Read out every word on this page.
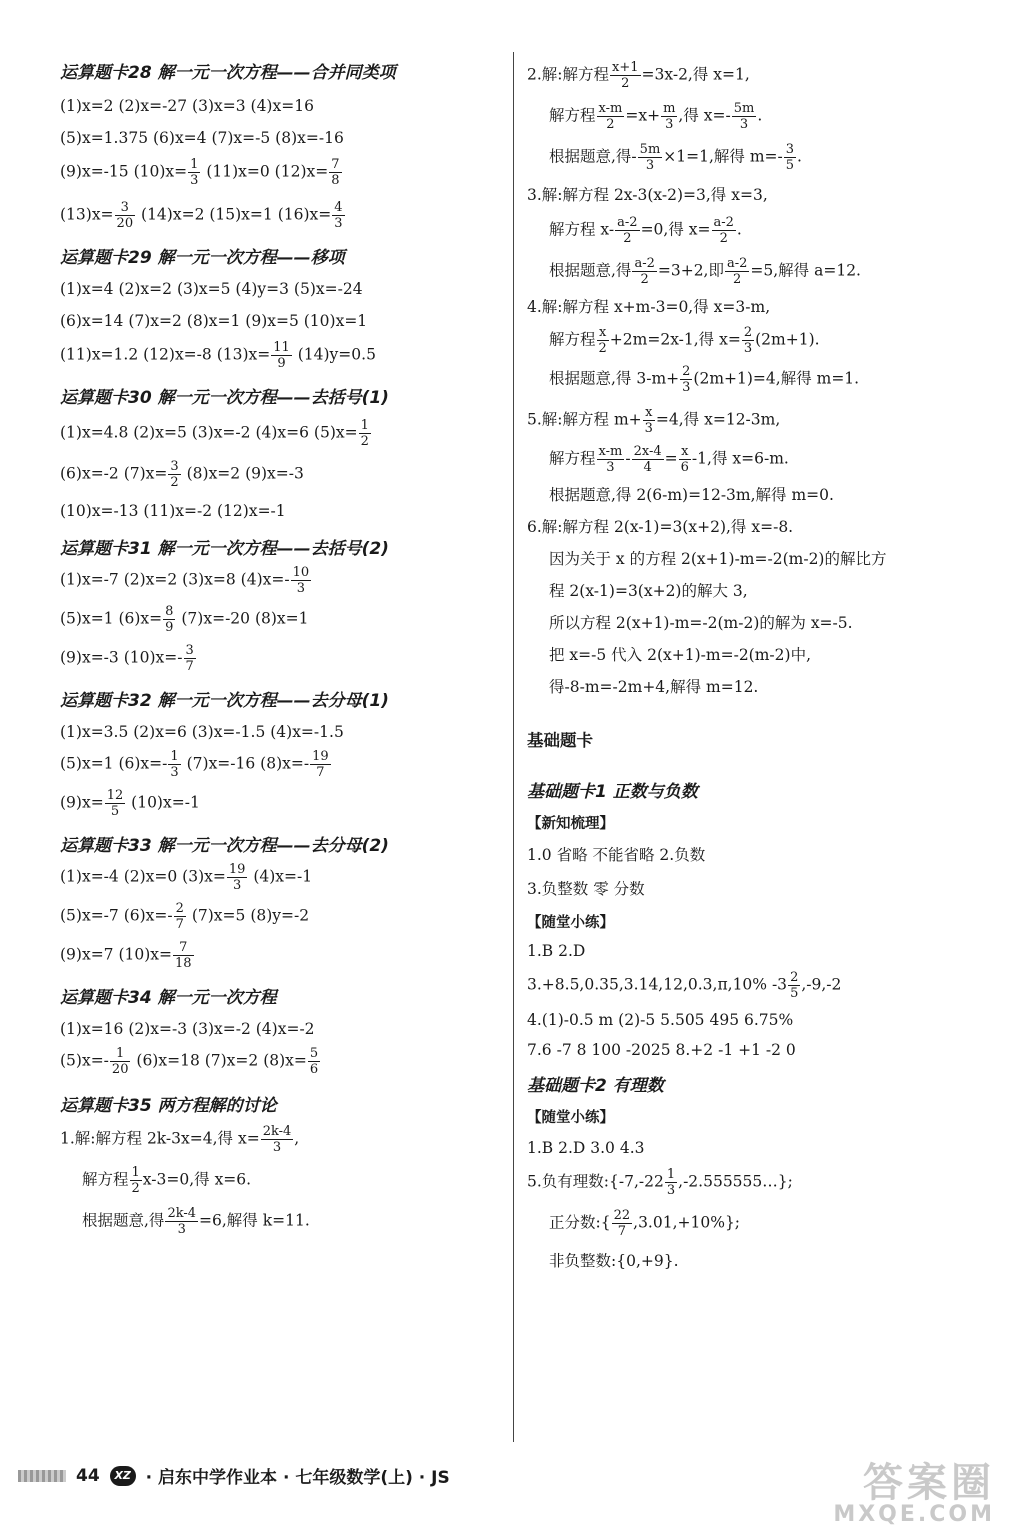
运算题卡28 解一元一次方程——合并同类项

(1)x=2 (2)x=-27 (3)x=3 (4)x=16

(5)x=1.375 (6)x=4 (7)x=-5 (8)x=-16

(9)x=-15 $(10)x= \frac{1}{3} (11)x=0$ $(12)x= \frac{7}{8}$

$(13)x= \frac{3}{20} (14)x=2$ (15)x=1 $(16)x= \frac{4}{3}$

运算题卡29 解一元一次方程——移项

(1)x=4 (2)x=2 (3)x=5 (4)y=3 (5)x=-24

(6)x=14 (7)x=2 (8)x=1 (9)x=5 (10)x=1

(11)x=1.2 (12)x=-8 $(13)x= \frac{11}{9} (14)y=0.5$

运算题卡30 解一元一次方程——去括号(1)

(1)x=4.8 (2)x=5 (3)x=-2 (4)x=6 $(5)x= \frac{1}{2}$

(6)x=-2 $(7)x= \frac{3}{2} (8)x=2$ (9)x=-3

(10)x=-13 (11)x=-2 (12)x=-1

运算题卡31 解一元一次方程——去括号(2)

(1)x=-7 (2)x=2 (3)x=8 $(4)x=- \frac{10}{3}$

(5)x=1 $(6)x= \frac{8}{9} (7)x=-20$ (8)x=1

(9)x=-3 $(10)x=- \frac{3}{7}$

运算题卡32 解一元一次方程——去分母(1)

(1)x=3.5 (2)x=6 (3)x=-1.5 (4)x=-1.5

(5)x=1 $(6)x=- \frac{1}{3} (7)x=-16$ $(8)x=- \frac{19}{7}$

$(9)x= \frac{12}{5} (10)x=-1$

运算题卡33 解一元一次方程——去分母(2)

(1)x=-4 (2)x=0 $(3)x= \frac{19}{3} (4)x=-1$

(5)x=-7 $(6)x=- \frac{2}{7} (7)x=5$ (8)y=-2

(9)x=7 $(10)x= \frac{7}{18}$

运算题卡34 解一元一次方程

(1)x=16 (2)x=-3 (3)x=-2 (4)x=-2

$(5)x=- \frac{1}{20} (6)x=18$ (7)x=2 $(8)x= \frac{5}{6}$

运算题卡35 两方程解的讨论

1.解:解方程 2k-3x=4,得 $x= \frac{2k-4}{3}$ ,

解方程 $\frac{1}{2} x-3=0$,得 x=6.

根据题意,得 $\frac{2k-4}{3} =6$,解得 k=11.

2.解:解方程 $\frac{x+1}{2} =3x-2$,得 x=1,

解方程 $\frac{x-m}{2} =x+ \frac{m}{3}$ ,得 $x=- \frac{5m}{3}$ .

根据题意,得- $\frac{5m}{3} \times 1=1$,解得 $m=- \frac{3}{5}$ .

3.解:解方程 2x-3(x-2)=3,得 x=3,

解方程 $x- \frac{a-2}{2} =0$,得 $x= \frac{a-2}{2}$ .

根据题意,得 $\frac{a-2}{2} =3+2$,即 $\frac{a-2}{2} =5$,解得 a=12.

4.解:解方程 x+m-3=0,得 x=3-m,

解方程 $\frac{x}{2} +2m=2x-1$,得 $x= \frac{2}{3} (2m+1)$.

根据题意,得 $3-m+ \frac{2}{3} (2m+1)=4$,解得 m=1.

5.解:解方程 $m+ \frac{x}{3} =4$,得 x=12-3m,

解方程 $\frac{x-m}{3} - \frac{2x-4}{4} = \frac{x}{6} -1$,得 x=6-m.

根据题意,得 2(6-m)=12-3m,解得 m=0.

6.解:解方程 2(x-1)=3(x+2),得 x=-8.

因为关于 x 的方程 2(x+1)-m=-2(m-2)的解比方

程 2(x-1)=3(x+2)的解大 3,

所以方程 2(x+1)-m=-2(m-2)的解为 x=-5.

把 x=-5 代入 2(x+1)-m=-2(m-2)中,

得-8-m=-2m+4,解得 m=12.

基础题卡

基础题卡1 正数与负数

【新知梳理】

1.0 省略 不能省略 2.负数

3.负整数 零 分数

【随堂小练】

1.B 2.D

3.+8.5,0.35,3.14,12,0.3,π,10% $-3 \frac{2}{5} ,-9,-2$

4.(1)-0.5 m (2)-5 5.505 495 6.75%

7.6 -7 8 100 -2025 8.+2 -1 +1 -2 0

基础题卡2 有理数

【随堂小练】

1.B 2.D 3.0 4.3

5.负有理数:{-7,-22 $\frac{1}{3}$ ,-2.555555…};

正分数:{ $\frac{22}{7} ,3.01,+10\%$};

非负整数:{0,+9}.

44	XZ · 启东中学作业本 · 七年级数学(上) · JS	答案圈
MXQE.COM
